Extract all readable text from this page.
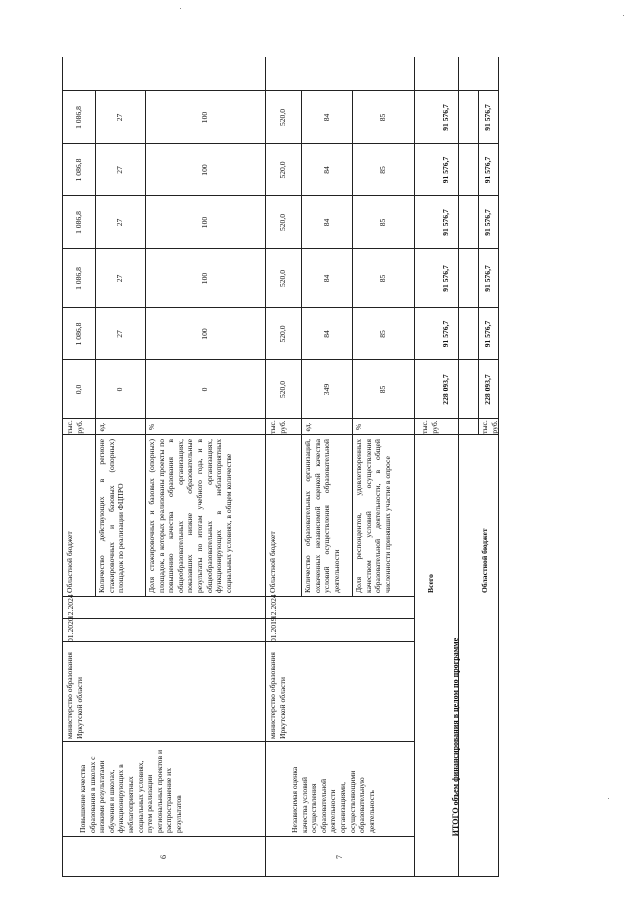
6
Повышение качества образования в школах с низкими результатами обучения и школах, функционирующих в неблагоприятных социальных условиях, путем реализации региональных проектов и распространение их результатов
министерство образования Иркутской области
01.2020
12.2024
Областной бюджет
тыс. руб.
Количество действующих в регионе стажировочных и базовых (опорных) площадок по реализации ФЦПРО
ед.
Доля стажировочных и базовых (опорных) площадок, в которых реализованы проекты по повышению качества образования в общеобразовательных организациях, показавших низкие образовательные результаты по итогам учебного года, и в общеобразовательных организациях, функционирующих в неблагоприятных социальных условиях, в общем количестве
%
7
Независимая оценка качества условий осуществления образовательной деятельности организациями, осуществляющими образовательную деятельность
министерство образования Иркутской области
01.2019
12.2024
Областной бюджет
тыс. руб.
Количество образовательных организаций, охваченных независимой оценкой качества условий осуществления образовательной деятельности
ед.
Доля респондентов, удовлетворенных качеством условий осуществления образовательной деятельности, в общей численности принявших участие в опросе
%
ИТОГО объем финансирования в целом по программе
Всего
тыс. руб.
Областной бюджет
тыс. руб.
0,0
1 086,8
1 086,8
1 086,8
1 086,8
1 086,8
0
27
27
27
27
27
0
100
100
100
100
100
520,0
520,0
520,0
520,0
520,0
520,0
349
84
84
84
84
84
85
85
85
85
85
85
228 093,7
91 576,7
91 576,7
91 576,7
91 576,7
91 576,7
228 093,7
91 576,7
91 576,7
91 576,7
91 576,7
91 576,7
